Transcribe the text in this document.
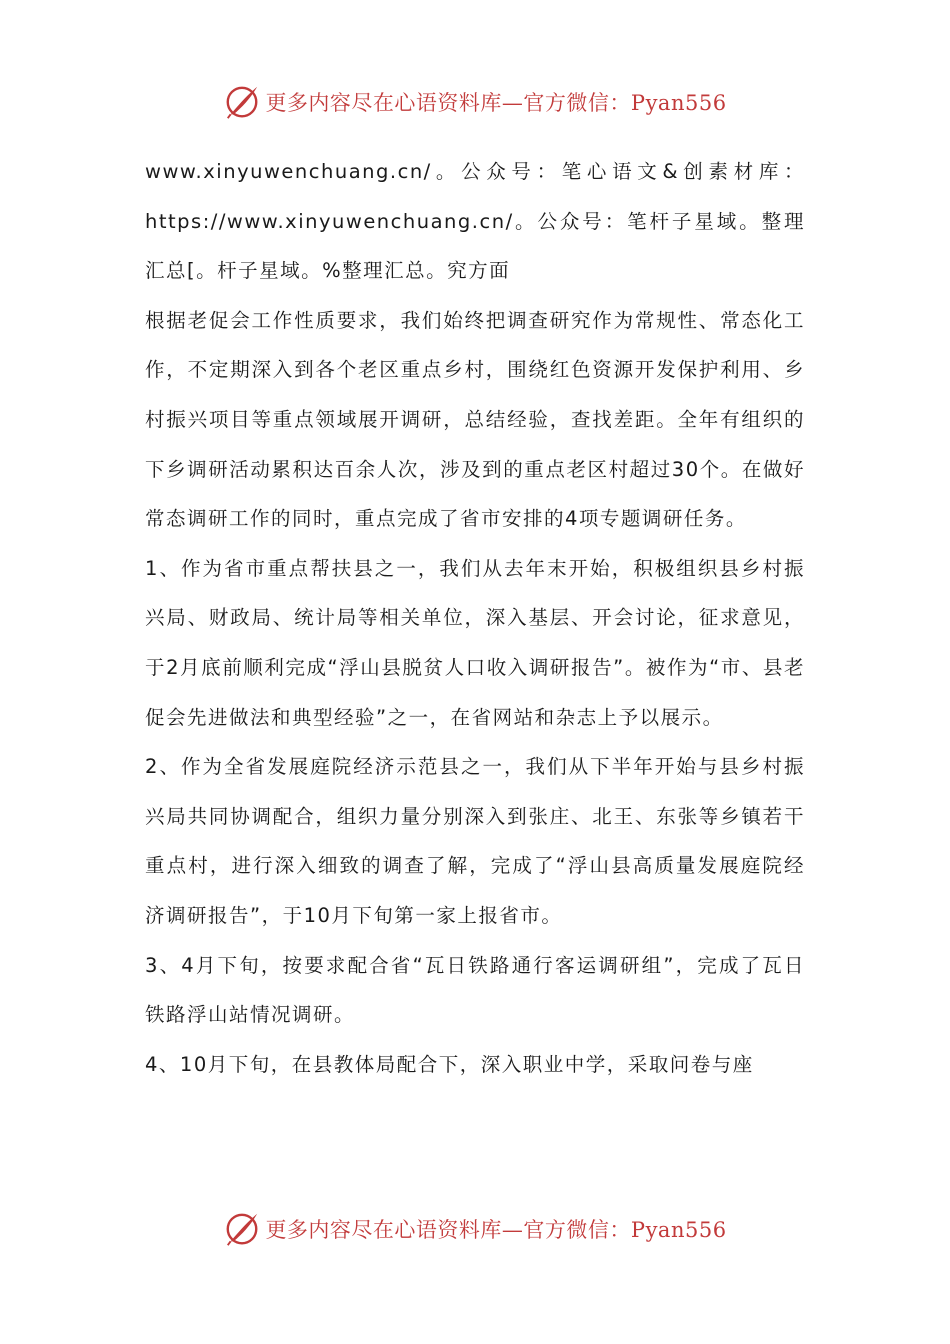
更多内容尽在心语资料库—官方微信：Pyan556

www.xinyuwenchuang.cn/。公众号：笔心语文&创素材库：https://www.xinyuwenchuang.cn/。公众号：笔杆子星域。整理汇总[。杆子星域。%整理汇总。究方面

根据老促会工作性质要求，我们始终把调查研究作为常规性、常态化工作，不定期深入到各个老区重点乡村，围绕红色资源开发保护利用、乡村振兴项目等重点领域展开调研，总结经验，查找差距。全年有组织的下乡调研活动累积达百余人次，涉及到的重点老区村超过30个。在做好常态调研工作的同时，重点完成了省市安排的4项专题调研任务。

1、作为省市重点帮扶县之一，我们从去年末开始，积极组织县乡村振兴局、财政局、统计局等相关单位，深入基层、开会讨论，征求意见，于2月底前顺利完成“浮山县脱贫人口收入调研报告”。被作为“市、县老促会先进做法和典型经验”之一，在省网站和杂志上予以展示。

2、作为全省发展庭院经济示范县之一，我们从下半年开始与县乡村振兴局共同协调配合，组织力量分别深入到张庄、北王、东张等乡镇若干重点村，进行深入细致的调查了解，完成了“浮山县高质量发展庭院经济调研报告”，于10月下旬第一家上报省市。

3、4月下旬，按要求配合省“瓦日铁路通行客运调研组”，完成了瓦日铁路浮山站情况调研。

4、10月下旬，在县教体局配合下，深入职业中学，采取问卷与座

更多内容尽在心语资料库—官方微信：Pyan556
